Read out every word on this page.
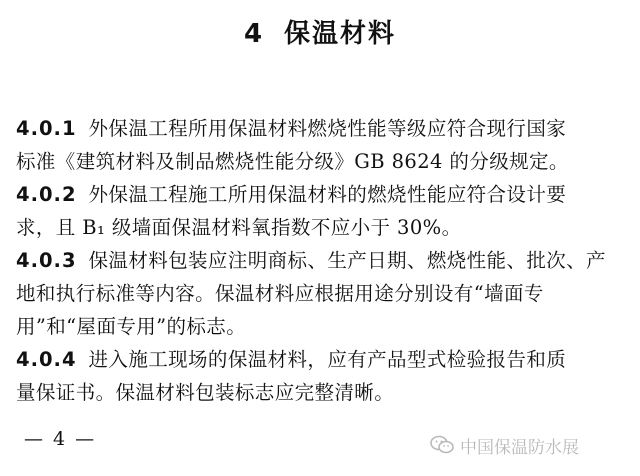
4 保温材料
4.0.1 外保温工程所用保温材料燃烧性能等级应符合现行国家
标准《建筑材料及制品燃烧性能分级》GB 8624 的分级规定。
4.0.2 外保温工程施工所用保温材料的燃烧性能应符合设计要
求，且 B₁ 级墙面保温材料氧指数不应小于 30%。
4.0.3 保温材料包装应注明商标、生产日期、燃烧性能、批次、产
地和执行标准等内容。保温材料应根据用途分别设有“墙面专
用”和“屋面专用”的标志。
4.0.4 进入施工现场的保温材料，应有产品型式检验报告和质
量保证书。保温材料包装标志应完整清晰。
— 4 —	中国保温防水展
